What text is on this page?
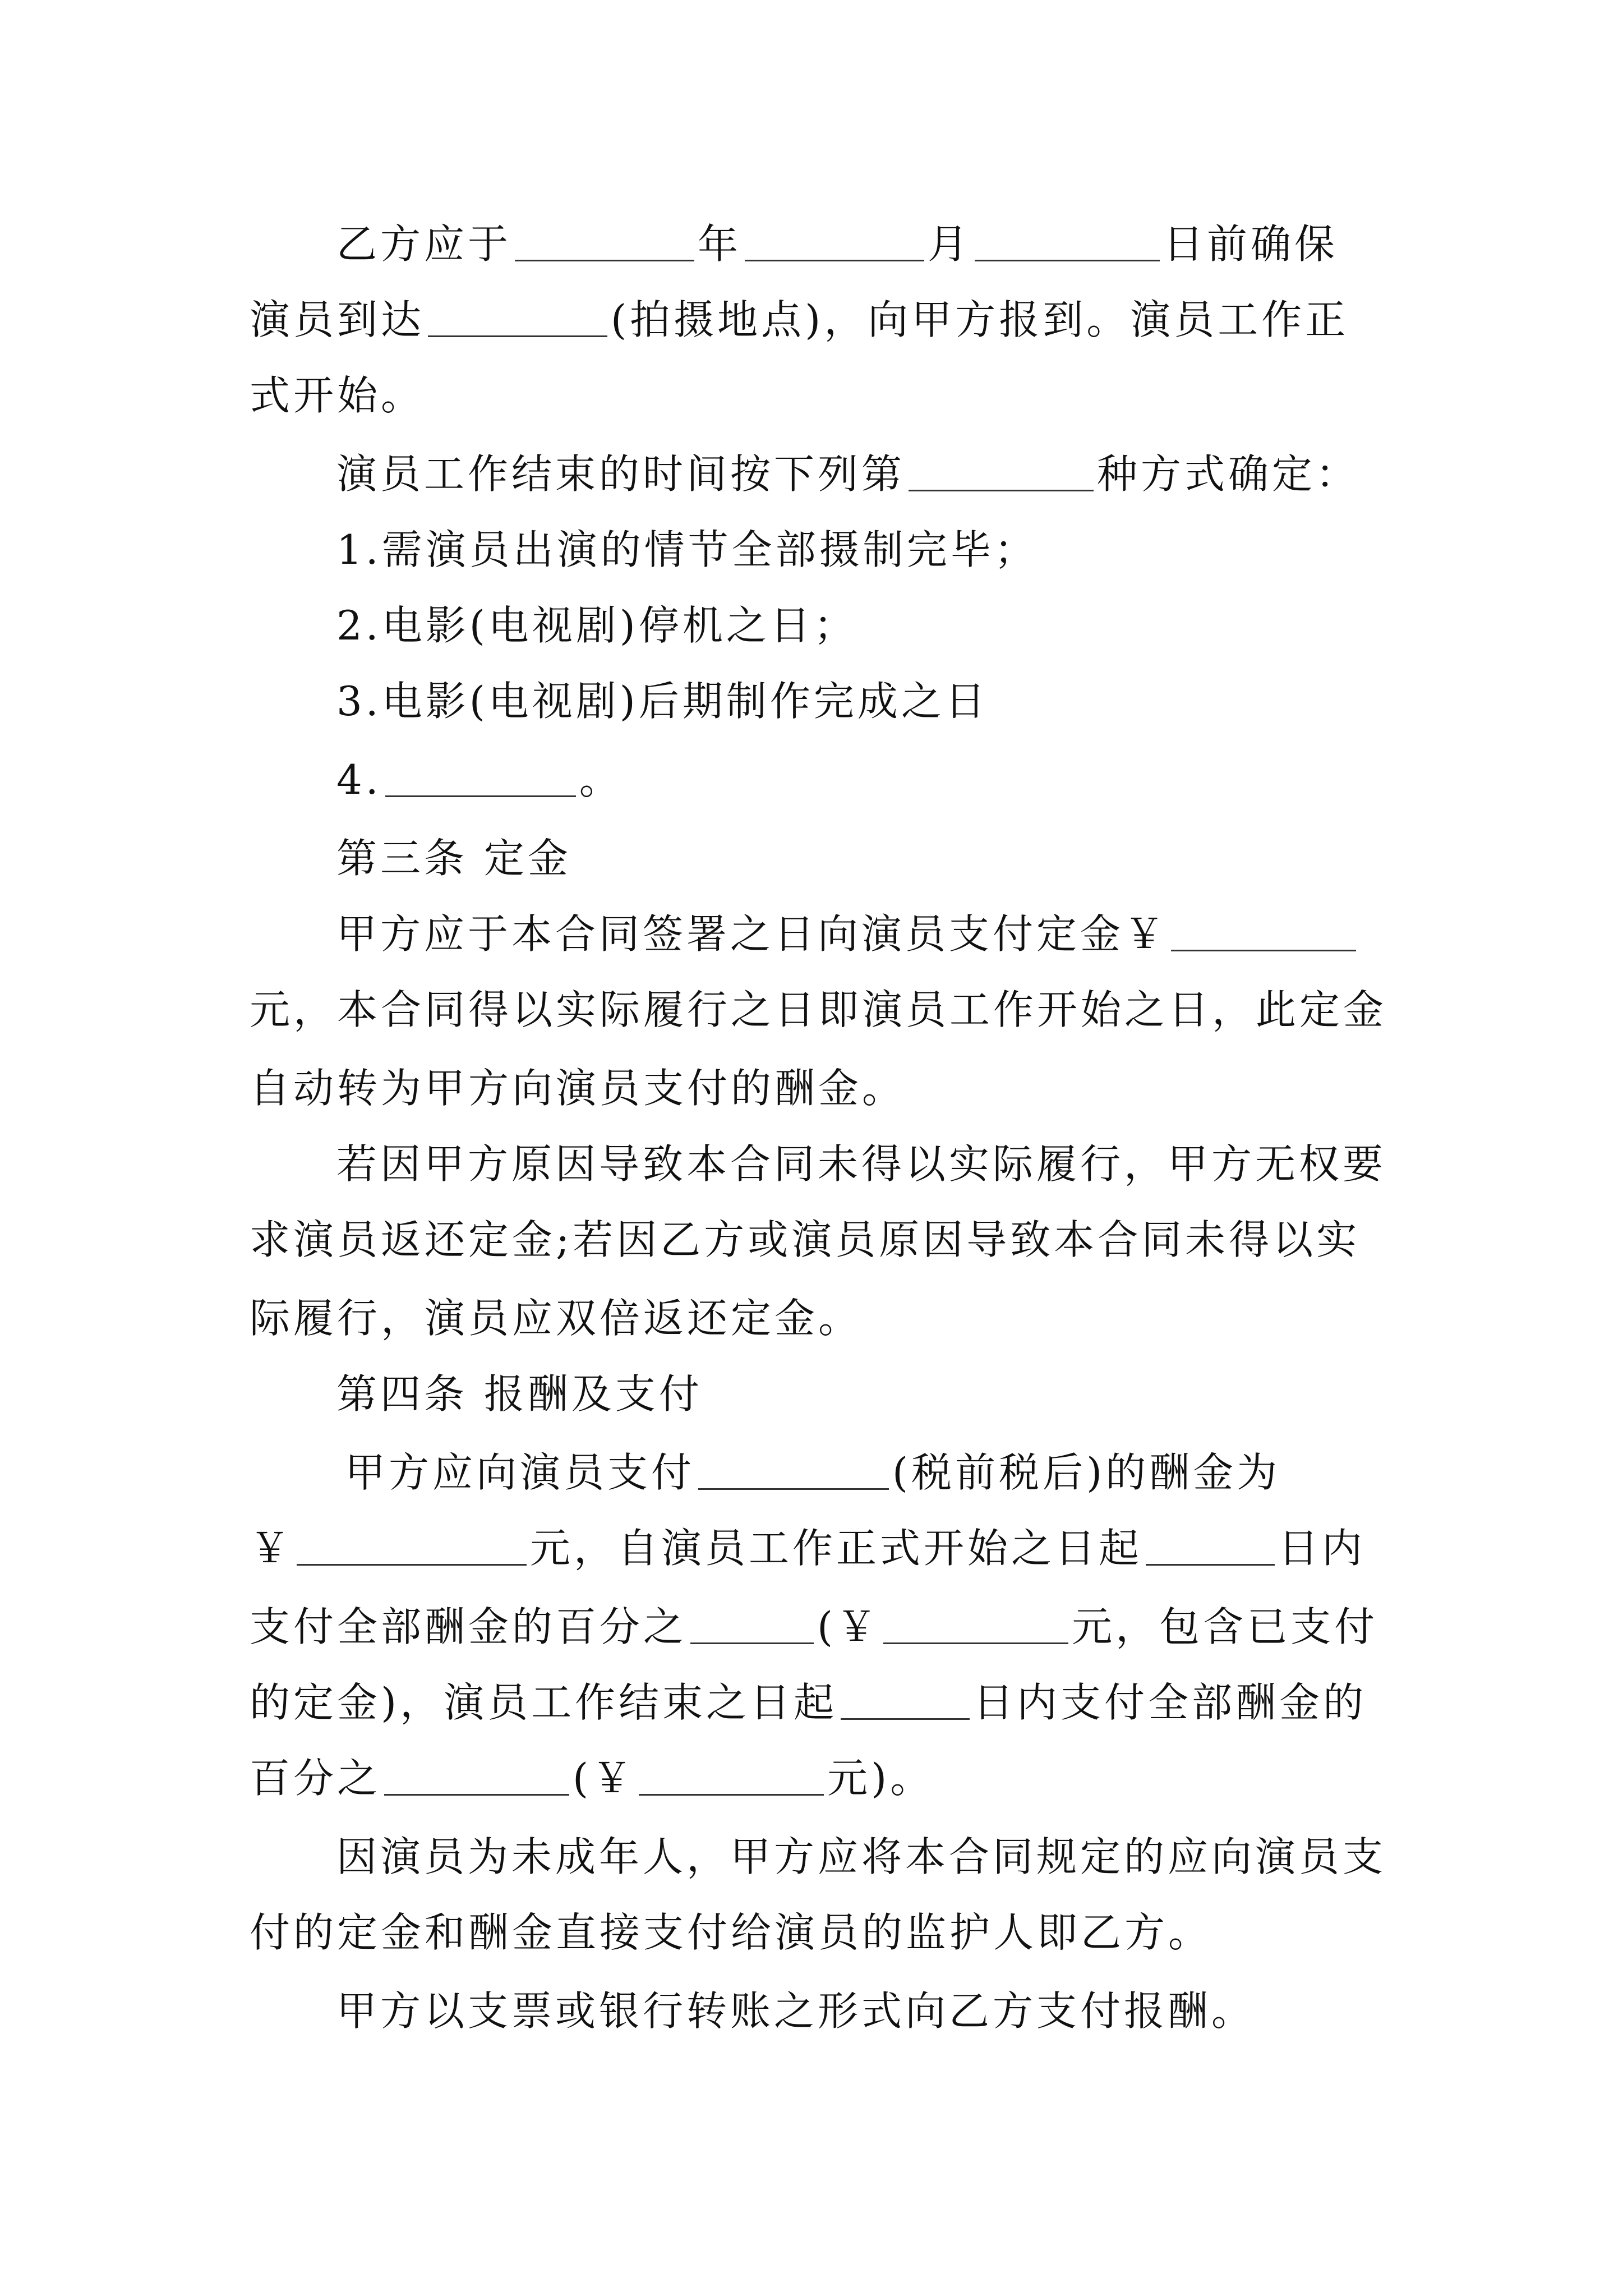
乙方应于	年	月	日前确保
演员到达	(拍摄地点)，向甲方报到。演员工作正
式开始。
演员工作结束的时间按下列第	种方式确定：
1.需演员出演的情节全部摄制完毕；
2.电影(电视剧)停机之日；
3.电影(电视剧)后期制作完成之日
4.	。
第三条 定金
甲方应于本合同签署之日向演员支付定金￥
元，本合同得以实际履行之日即演员工作开始之日，此定金
自动转为甲方向演员支付的酬金。
若因甲方原因导致本合同未得以实际履行，甲方无权要
求演员返还定金;若因乙方或演员原因导致本合同未得以实
际履行，演员应双倍返还定金。
第四条 报酬及支付
甲方应向演员支付	(税前税后)的酬金为
￥	元，自演员工作正式开始之日起	日内
支付全部酬金的百分之	(￥	元，包含已支付
的定金)，演员工作结束之日起	日内支付全部酬金的
百分之	(￥	元)。
因演员为未成年人，甲方应将本合同规定的应向演员支
付的定金和酬金直接支付给演员的监护人即乙方。
甲方以支票或银行转账之形式向乙方支付报酬。
